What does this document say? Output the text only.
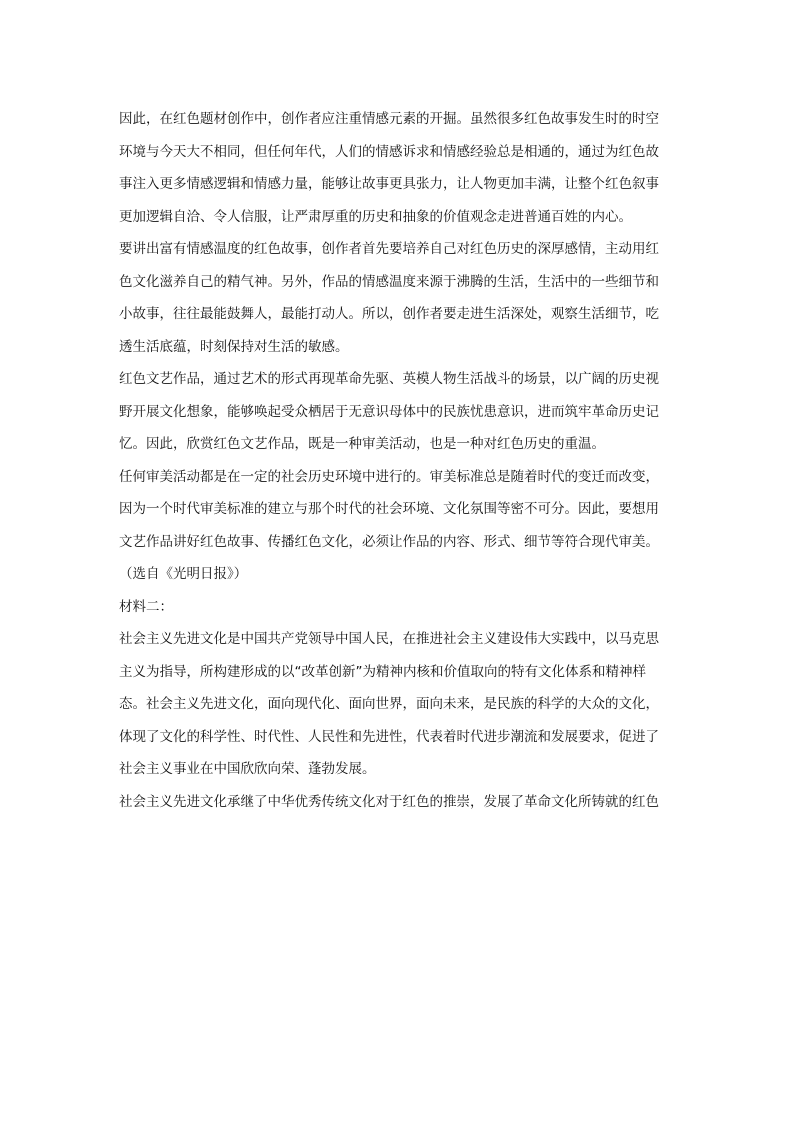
因此，在红色题材创作中，创作者应注重情感元素的开掘。虽然很多红色故事发生时的时空
环境与今天大不相同，但任何年代，人们的情感诉求和情感经验总是相通的，通过为红色故
事注入更多情感逻辑和情感力量，能够让故事更具张力，让人物更加丰满，让整个红色叙事
更加逻辑自洽、令人信服，让严肃厚重的历史和抽象的价值观念走进普通百姓的内心。
要讲出富有情感温度的红色故事，创作者首先要培养自己对红色历史的深厚感情，主动用红
色文化滋养自己的精气神。另外，作品的情感温度来源于沸腾的生活，生活中的一些细节和
小故事，往往最能鼓舞人，最能打动人。所以，创作者要走进生活深处，观察生活细节，吃
透生活底蕴，时刻保持对生活的敏感。
红色文艺作品，通过艺术的形式再现革命先驱、英模人物生活战斗的场景，以广阔的历史视
野开展文化想象，能够唤起受众栖居于无意识母体中的民族忧患意识，进而筑牢革命历史记
忆。因此，欣赏红色文艺作品，既是一种审美活动，也是一种对红色历史的重温。
任何审美活动都是在一定的社会历史环境中进行的。审美标准总是随着时代的变迁而改变，
因为一个时代审美标准的建立与那个时代的社会环境、文化氛围等密不可分。因此，要想用
文艺作品讲好红色故事、传播红色文化，必须让作品的内容、形式、细节等符合现代审美。
（选自《光明日报》）
材料二：
社会主义先进文化是中国共产党领导中国人民，在推进社会主义建设伟大实践中，以马克思
主义为指导，所构建形成的以“改革创新”为精神内核和价值取向的特有文化体系和精神样
态。社会主义先进文化，面向现代化、面向世界，面向未来，是民族的科学的大众的文化，
体现了文化的科学性、时代性、人民性和先进性，代表着时代进步潮流和发展要求，促进了
社会主义事业在中国欣欣向荣、蓬勃发展。
社会主义先进文化承继了中华优秀传统文化对于红色的推崇，发展了革命文化所铸就的红色
